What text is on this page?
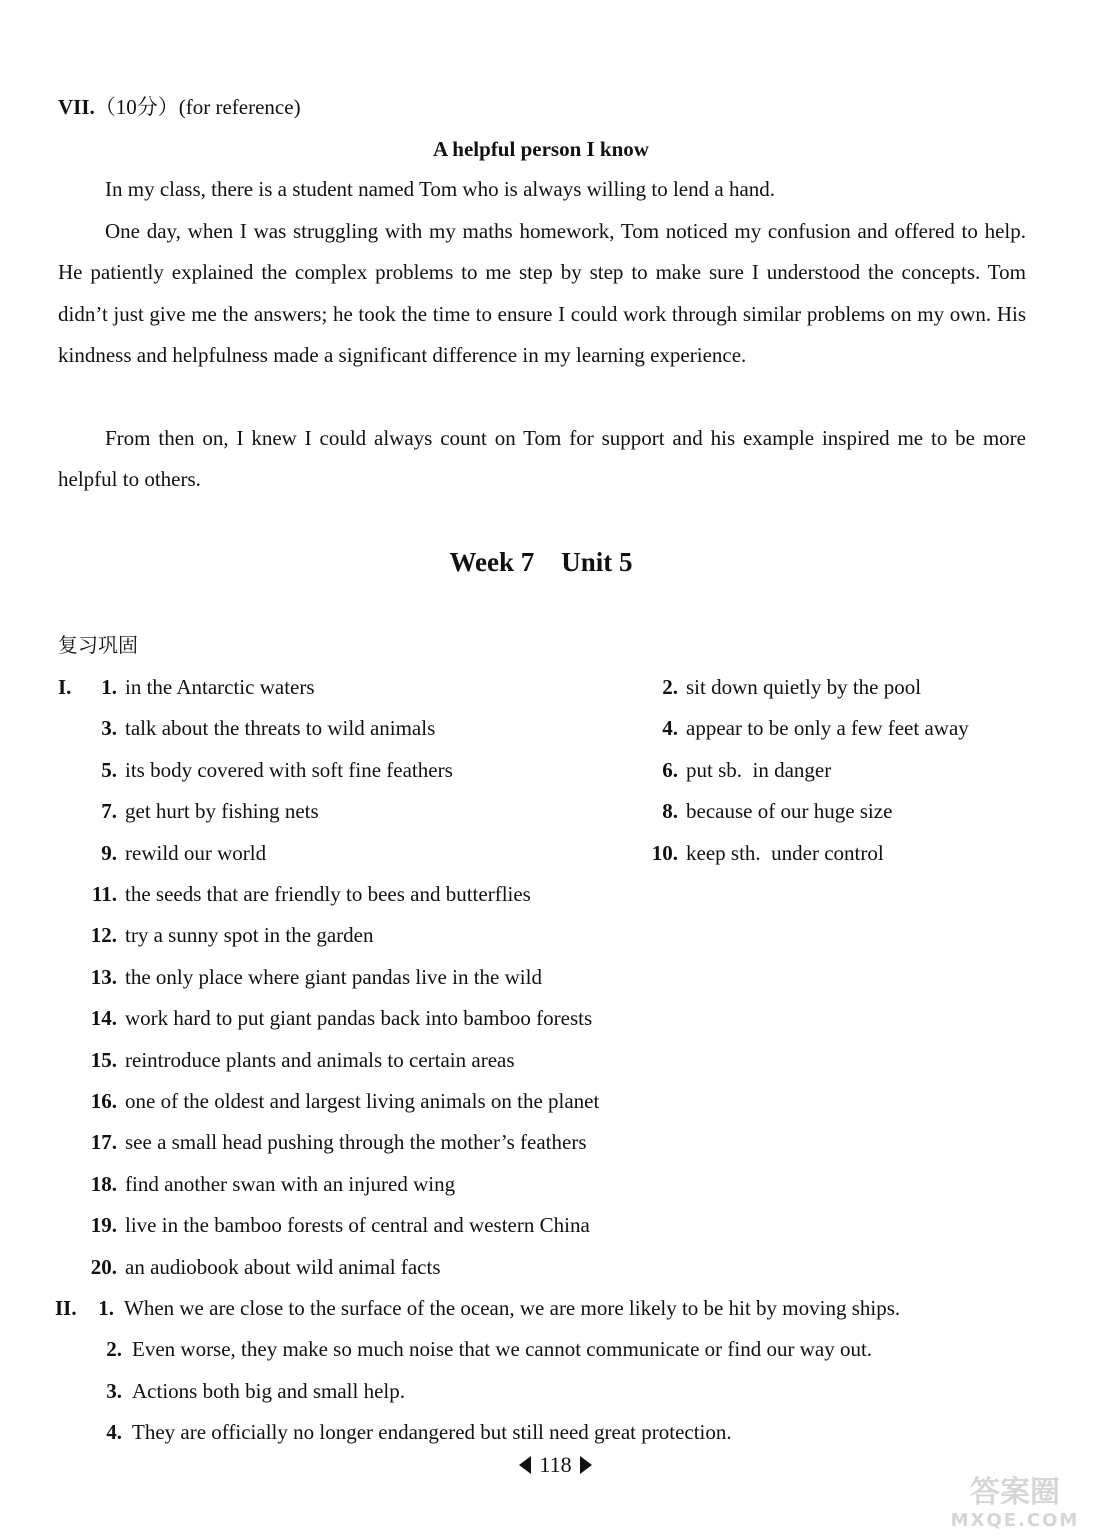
VII.（10分）(for reference)
A helpful person I know
In my class, there is a student named Tom who is always willing to lend a hand.
One day, when I was struggling with my maths homework, Tom noticed my confusion and offered to help. He patiently explained the complex problems to me step by step to make sure I understood the concepts. Tom didn’t just give me the answers; he took the time to ensure I could work through similar problems on my own. His kindness and helpfulness made a significant difference in my learning experience.
From then on, I knew I could always count on Tom for support and his example inspired me to be more helpful to others.
Week 7    Unit 5
复习巩固
I.	1. in the Antarctic waters	2. sit down quietly by the pool
3. talk about the threats to wild animals	4. appear to be only a few feet away
5. its body covered with soft fine feathers	6. put sb.  in danger
7. get hurt by fishing nets	8. because of our huge size
9. rewild our world	10. keep sth.  under control
11. the seeds that are friendly to bees and butterflies
12. try a sunny spot in the garden
13. the only place where giant pandas live in the wild
14. work hard to put giant pandas back into bamboo forests
15. reintroduce plants and animals to certain areas
16. one of the oldest and largest living animals on the planet
17. see a small head pushing through the mother’s feathers
18. find another swan with an injured wing
19. live in the bamboo forests of central and western China
20. an audiobook about wild animal facts
II.	1. When we are close to the surface of the ocean, we are more likely to be hit by moving ships.
2. Even worse, they make so much noise that we cannot communicate or find our way out.
3. Actions both big and small help.
4. They are officially no longer endangered but still need great protection.
118
答案圈
MXQE.COM
